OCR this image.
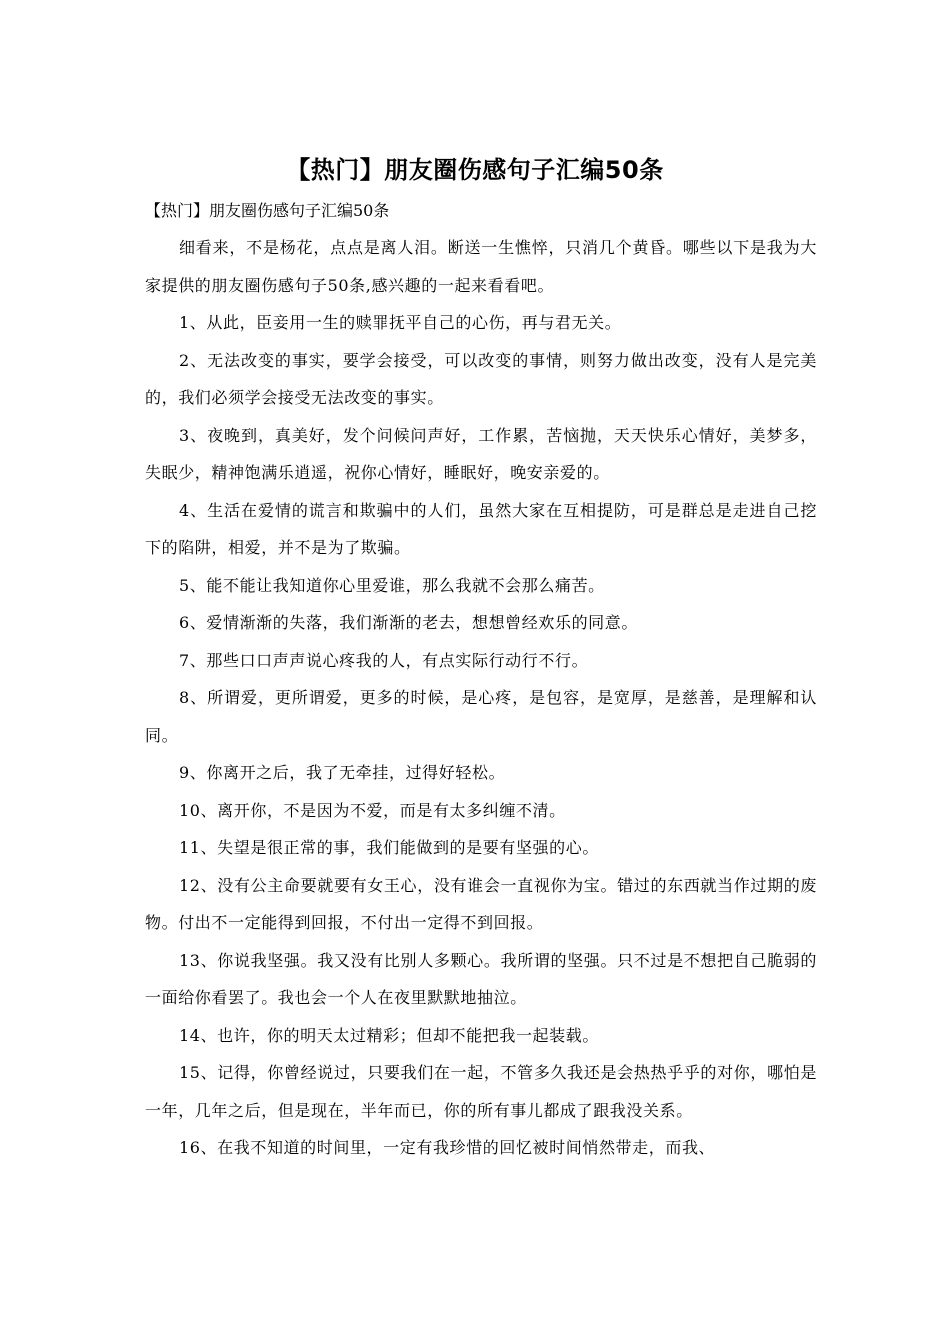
【热门】朋友圈伤感句子汇编50条

【热门】朋友圈伤感句子汇编50条

细看来，不是杨花，点点是离人泪。断送一生憔悴，只消几个黄昏。哪些以下是我为大家提供的朋友圈伤感句子50条,感兴趣的一起来看看吧。

1、从此，臣妾用一生的赎罪抚平自己的心伤，再与君无关。

2、无法改变的事实，要学会接受，可以改变的事情，则努力做出改变，没有人是完美的，我们必须学会接受无法改变的事实。

3、夜晚到，真美好，发个问候问声好，工作累，苦恼抛，天天快乐心情好，美梦多，失眠少，精神饱满乐逍遥，祝你心情好，睡眠好，晚安亲爱的。

4、生活在爱情的谎言和欺骗中的人们，虽然大家在互相提防，可是群总是走进自己挖下的陷阱，相爱，并不是为了欺骗。

5、能不能让我知道你心里爱谁，那么我就不会那么痛苦。

6、爱情渐渐的失落，我们渐渐的老去，想想曾经欢乐的同意。

7、那些口口声声说心疼我的人，有点实际行动行不行。

8、所谓爱，更所谓爱，更多的时候，是心疼，是包容，是宽厚，是慈善，是理解和认同。

9、你离开之后，我了无牵挂，过得好轻松。

10、离开你，不是因为不爱，而是有太多纠缠不清。

11、失望是很正常的事，我们能做到的是要有坚强的心。

12、没有公主命要就要有女王心，没有谁会一直视你为宝。错过的东西就当作过期的废物。付出不一定能得到回报，不付出一定得不到回报。

13、你说我坚强。我又没有比别人多颗心。我所谓的坚强。只不过是不想把自己脆弱的一面给你看罢了。我也会一个人在夜里默默地抽泣。

14、也许，你的明天太过精彩；但却不能把我一起装载。

15、记得，你曾经说过，只要我们在一起，不管多久我还是会热热乎乎的对你，哪怕是一年，几年之后，但是现在，半年而已，你的所有事儿都成了跟我没关系。

16、在我不知道的时间里，一定有我珍惜的回忆被时间悄然带走，而我、
